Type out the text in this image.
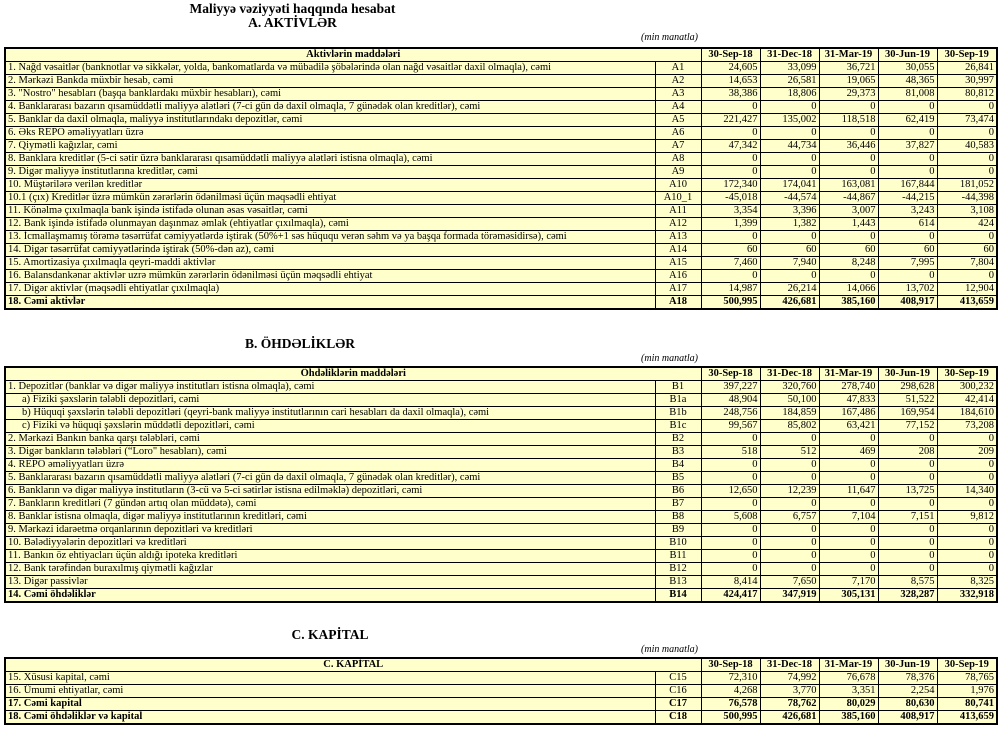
Maliyyə vəziyyəti haqqında hesabat
A. AKTİVLƏR
(min manatla)
Aktivlərin maddələri		30-Sep-18	31-Dec-18	31-Mar-19	30-Jun-19	30-Sep-19
1. Nağd vəsaitlər (banknotlar və sikkələr, yolda, bankomatlarda və mübadilə şöbələrində olan nağd vəsaitlər daxil olmaqla), cəmi	A1	24,605	33,099	36,721	30,055	26,841
2. Mərkəzi Bankda müxbir hesab, cəmi	A2	14,653	26,581	19,065	48,365	30,997
3. "Nostro" hesabları (başqa banklardakı müxbir hesabları), cəmi	A3	38,386	18,806	29,373	81,008	80,812
4. Banklararası bazarın qısamüddətli maliyyə alətləri (7-ci gün də daxil olmaqla, 7 günədək olan kreditlər), cəmi	A4	0	0	0	0	0
5. Banklar da daxil olmaqla, maliyyə institutlarındakı depozitlər, cəmi	A5	221,427	135,002	118,518	62,419	73,474
6. Əks REPO əməliyyatları üzrə	A6	0	0	0	0	0
7. Qiymətli kağızlar, cəmi	A7	47,342	44,734	36,446	37,827	40,583
8. Banklara kreditlər (5-ci sətir üzrə banklararası qısamüddətli maliyyə alətləri istisna olmaqla), cəmi	A8	0	0	0	0	0
9. Digər maliyyə institutlarına kreditlər, cəmi	A9	0	0	0	0	0
10. Müştərilərə verilən kreditlər	A10	172,340	174,041	163,081	167,844	181,052
10.1 (çıx) Kreditlər üzrə mümkün zərərlərin ödənilməsi üçün məqsədli ehtiyat	A10_1	-45,018	-44,574	-44,867	-44,215	-44,398
11. Könəlmə çıxılmaqla bank işində istifadə olunan əsas vəsaitlər, cəmi	A11	3,354	3,396	3,007	3,243	3,108
12. Bank işində istifadə olunmayan daşınmaz əmlak (ehtiyatlar çıxılmaqla), cəmi	A12	1,399	1,382	1,443	614	424
13. İcmallaşmamış törəmə təsərrüfat cəmiyyətlərdə iştirak (50%+1 səs hüququ verən səhm və ya başqa formada törəməsidirsə), cəmi	A13	0	0	0	0	0
14. Digər təsərrüfat cəmiyyətlərində iştirak (50%-dən az), cəmi	A14	60	60	60	60	60
15. Amortizasiya çıxılmaqla qeyri-maddi aktivlər	A15	7,460	7,940	8,248	7,995	7,804
16. Balansdankənar aktivlər uzrə mümkün zərərlərin ödənilməsi üçün məqsədli ehtiyat	A16	0	0	0	0	0
17. Digər aktivlər (məqsədli ehtiyatlar çıxılmaqla)	A17	14,987	26,214	14,066	13,702	12,904
18. Cəmi aktivlər	A18	500,995	426,681	385,160	408,917	413,659
B. ÖHDƏLİKLƏR
(min manatla)
Öhdəliklərin maddələri		30-Sep-18	31-Dec-18	31-Mar-19	30-Jun-19	30-Sep-19
1. Depozitlər (banklar və digər maliyyə institutları istisna olmaqla), cəmi	B1	397,227	320,760	278,740	298,628	300,232
a) Fiziki şəxslərin tələbli depozitləri, cəmi	B1a	48,904	50,100	47,833	51,522	42,414
b) Hüquqi şəxslərin tələbli depozitləri (qeyri-bank maliyyə institutlarının cari hesabları da daxil olmaqla), cəmi	B1b	248,756	184,859	167,486	169,954	184,610
c) Fiziki və hüquqi şəxslərin müddətli depozitləri, cəmi	B1c	99,567	85,802	63,421	77,152	73,208
2. Mərkəzi Bankın banka qarşı tələbləri, cəmi	B2	0	0	0	0	0
3. Digər bankların tələbləri (“Loro" hesabları), cəmi	B3	518	512	469	208	209
4. REPO əməliyyatları üzrə	B4	0	0	0	0	0
5. Banklararası bazarın qısamüddətli maliyyə alətləri (7-ci gün də daxil olmaqla, 7 günədək olan kreditlər), cəmi	B5	0	0	0	0	0
6. Bankların və digər maliyyə institutların (3-cü və 5-ci sətirlər istisna edilməklə) depozitləri, cəmi	B6	12,650	12,239	11,647	13,725	14,340
7. Bankların kreditləri (7 gündən artıq olan müddətə), cəmi	B7	0	0	0	0	0
8. Banklar istisna olmaqla, digər maliyyə institutlarının kreditləri, cəmi	B8	5,608	6,757	7,104	7,151	9,812
9. Mərkəzi idarəetmə orqanlarının depozitləri və kreditləri	B9	0	0	0	0	0
10. Bələdiyyələrin depozitləri və kreditləri	B10	0	0	0	0	0
11. Bankın öz ehtiyacları üçün aldığı ipoteka kreditləri	B11	0	0	0	0	0
12. Bank tərəfindən buraxılmış qiymətli kağızlar	B12	0	0	0	0	0
13. Digər passivlər	B13	8,414	7,650	7,170	8,575	8,325
14. Cəmi öhdəliklər	B14	424,417	347,919	305,131	328,287	332,918
C. KAPİTAL
(min manatla)
C. KAPİTAL		30-Sep-18	31-Dec-18	31-Mar-19	30-Jun-19	30-Sep-19
15. Xüsusi kapital, cəmi	C15	72,310	74,992	76,678	78,376	78,765
16. Ümumi ehtiyatlar, cəmi	C16	4,268	3,770	3,351	2,254	1,976
17. Cəmi kapital	C17	76,578	78,762	80,029	80,630	80,741
18. Cəmi öhdəliklər və kapital	C18	500,995	426,681	385,160	408,917	413,659
